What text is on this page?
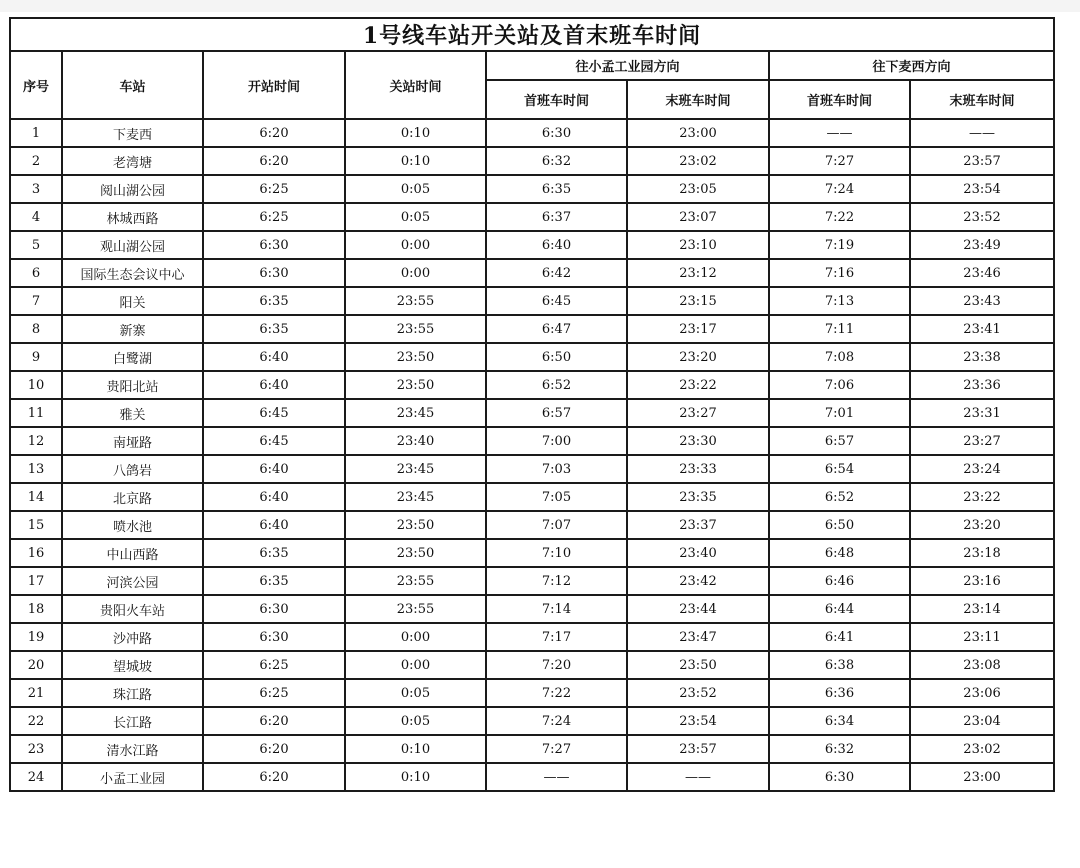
1号线车站开关站及首末班车时间							
序号	车站	开站时间	关站时间	往小孟工业园方向		往下麦西方向	
				首班车时间	末班车时间	首班车时间	末班车时间
1	下麦西	6:20	0:10	6:30	23:00	——	——
2	老湾塘	6:20	0:10	6:32	23:02	7:27	23:57
3	阅山湖公园	6:25	0:05	6:35	23:05	7:24	23:54
4	林城西路	6:25	0:05	6:37	23:07	7:22	23:52
5	观山湖公园	6:30	0:00	6:40	23:10	7:19	23:49
6	国际生态会议中心	6:30	0:00	6:42	23:12	7:16	23:46
7	阳关	6:35	23:55	6:45	23:15	7:13	23:43
8	新寨	6:35	23:55	6:47	23:17	7:11	23:41
9	白鹭湖	6:40	23:50	6:50	23:20	7:08	23:38
10	贵阳北站	6:40	23:50	6:52	23:22	7:06	23:36
11	雅关	6:45	23:45	6:57	23:27	7:01	23:31
12	南垭路	6:45	23:40	7:00	23:30	6:57	23:27
13	八鸽岩	6:40	23:45	7:03	23:33	6:54	23:24
14	北京路	6:40	23:45	7:05	23:35	6:52	23:22
15	喷水池	6:40	23:50	7:07	23:37	6:50	23:20
16	中山西路	6:35	23:50	7:10	23:40	6:48	23:18
17	河滨公园	6:35	23:55	7:12	23:42	6:46	23:16
18	贵阳火车站	6:30	23:55	7:14	23:44	6:44	23:14
19	沙冲路	6:30	0:00	7:17	23:47	6:41	23:11
20	望城坡	6:25	0:00	7:20	23:50	6:38	23:08
21	珠江路	6:25	0:05	7:22	23:52	6:36	23:06
22	长江路	6:20	0:05	7:24	23:54	6:34	23:04
23	清水江路	6:20	0:10	7:27	23:57	6:32	23:02
24	小孟工业园	6:20	0:10	——	——	6:30	23:00
